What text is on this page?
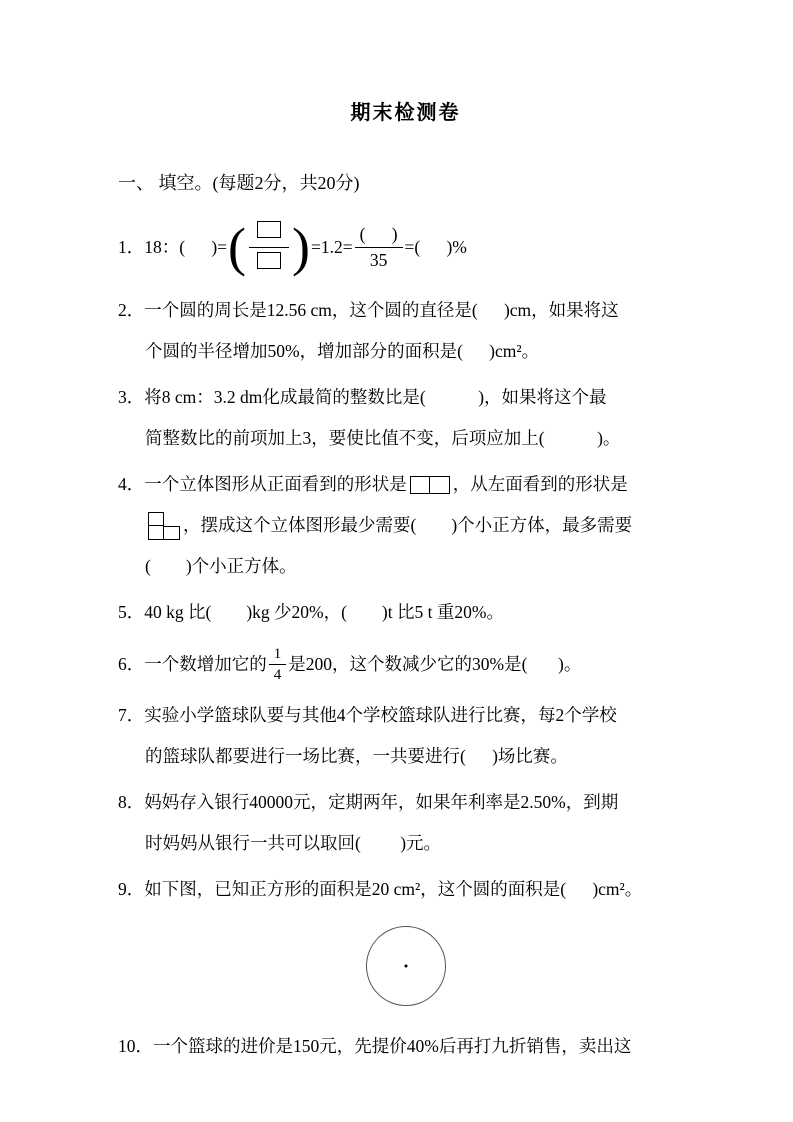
期末检测卷
一、 填空。(每题2分，共20分)
1．18：(      )= ( ) $=1.2= \frac{( )}{35}$ =(      )%
2．一个圆的周长是12.56 cm，这个圆的直径是(      )cm，如果将这
个圆的半径增加50%，增加部分的面积是(      )cm²。
3．将8 cm：3.2 dm化成最简的整数比是(            )，如果将这个最
简整数比的前项加上3，要使比值不变，后项应加上(            )。
4．一个立体图形从正面看到的形状是	，从左面看到的形状是
，摆成这个立体图形最少需要(        )个小正方体，最多需要
(        )个小正方体。
5．40 kg 比(        )kg 少20%，(        )t 比5 t 重20%。
6．一个数增加它的 $\frac{1}{4}$ 是200，这个数减少它的30%是(       )。
7．实验小学篮球队要与其他4个学校篮球队进行比赛，每2个学校
的篮球队都要进行一场比赛，一共要进行(      )场比赛。
8．妈妈存入银行40000元，定期两年，如果年利率是2.50%，到期
时妈妈从银行一共可以取回(         )元。
9．如下图，已知正方形的面积是20 cm²，这个圆的面积是(      )cm²。
10．一个篮球的进价是150元，先提价40%后再打九折销售，卖出这
